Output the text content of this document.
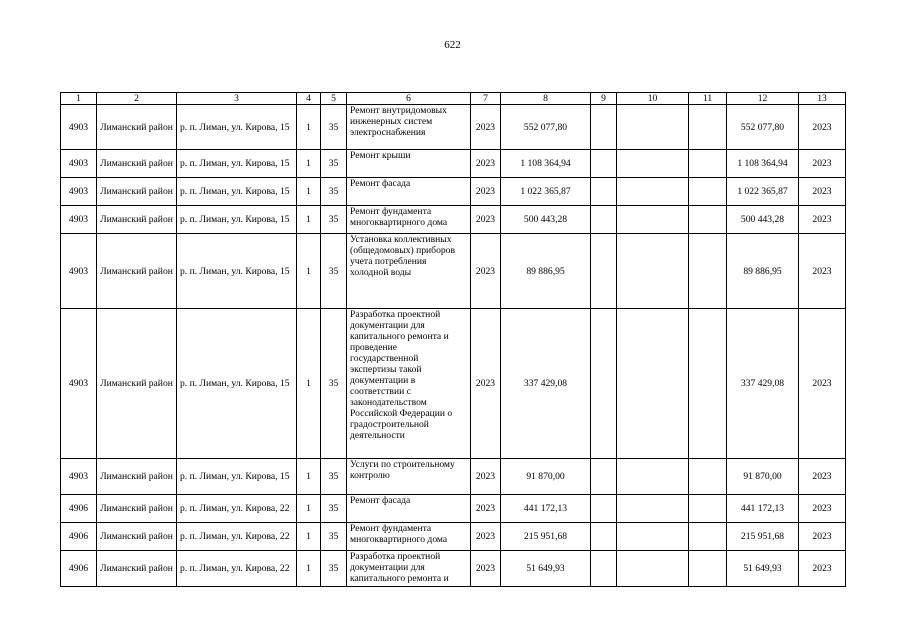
622
1	2	3	4	5	6	7	8	9	10	11	12	13
4903	Лиманский район	р. п. Лиман, ул. Кирова, 15	1	35	Ремонт внутридомовых инженерных систем электроснабжения	2023	552 077,80				552 077,80	2023
4903	Лиманский район	р. п. Лиман, ул. Кирова, 15	1	35	Ремонт крыши	2023	1 108 364,94				1 108 364,94	2023
4903	Лиманский район	р. п. Лиман, ул. Кирова, 15	1	35	Ремонт фасада	2023	1 022 365,87				1 022 365,87	2023
4903	Лиманский район	р. п. Лиман, ул. Кирова, 15	1	35	Ремонт фундамента многоквартирного дома	2023	500 443,28				500 443,28	2023
4903	Лиманский район	р. п. Лиман, ул. Кирова, 15	1	35	Установка коллективных (общедомовых) приборов учета потребления холодной воды	2023	89 886,95				89 886,95	2023
4903	Лиманский район	р. п. Лиман, ул. Кирова, 15	1	35	Разработка проектной документации для капитального ремонта и проведение государственной экспертизы такой документации в соответствии с законодательством Российской Федерации о градостроительной деятельности	2023	337 429,08				337 429,08	2023
4903	Лиманский район	р. п. Лиман, ул. Кирова, 15	1	35	Услуги по строительному контролю	2023	91 870,00				91 870,00	2023
4906	Лиманский район	р. п. Лиман, ул. Кирова, 22	1	35	Ремонт фасада	2023	441 172,13				441 172,13	2023
4906	Лиманский район	р. п. Лиман, ул. Кирова, 22	1	35	Ремонт фундамента многоквартирного дома	2023	215 951,68				215 951,68	2023
4906	Лиманский район	р. п. Лиман, ул. Кирова, 22	1	35	Разработка проектной документации для капитального ремонта и	2023	51 649,93				51 649,93	2023
